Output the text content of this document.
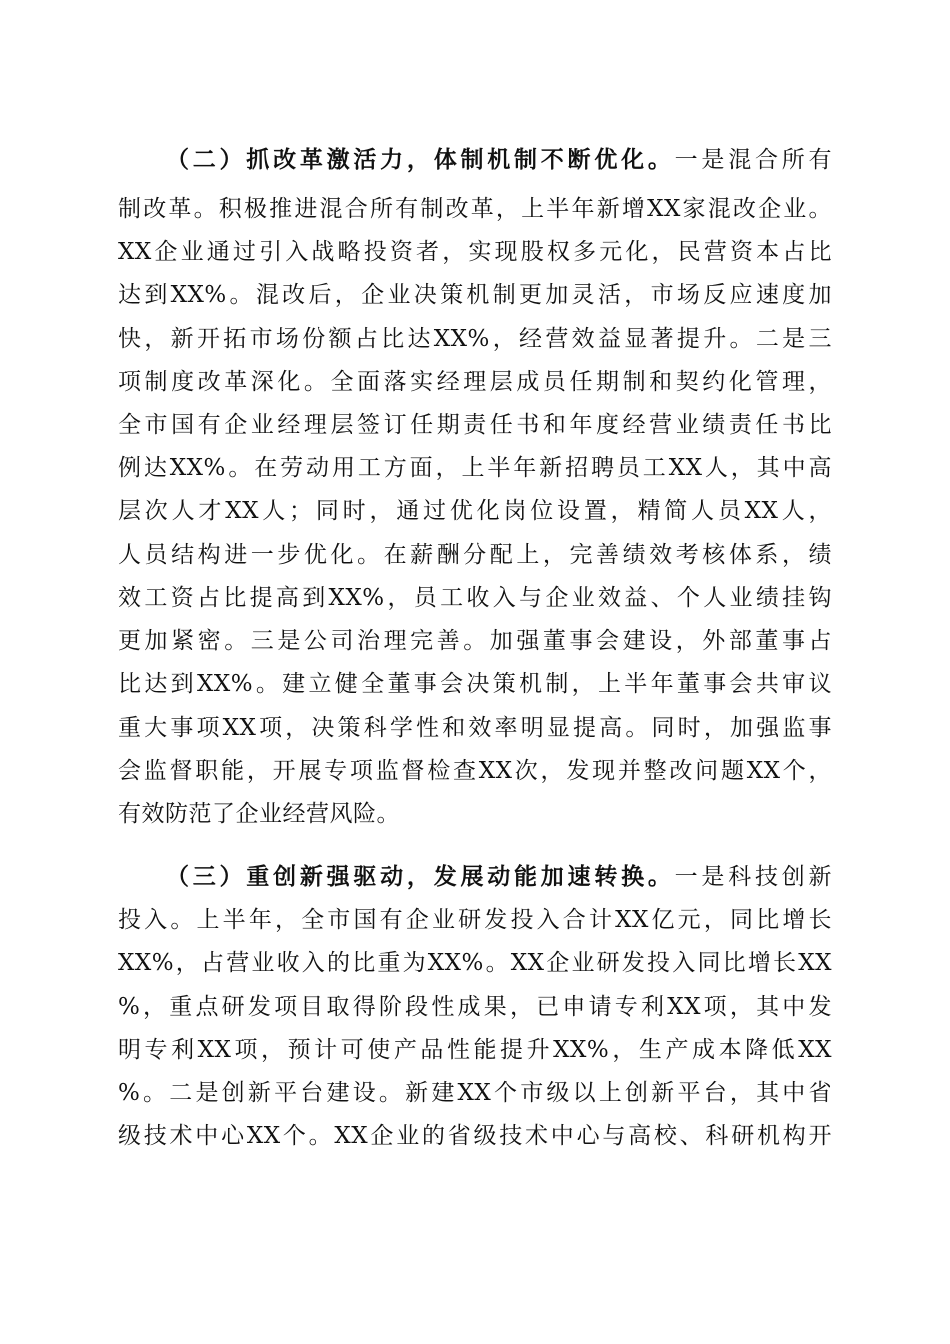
（二）抓改革激活力，体制机制不断优化。一是混合所有
制改革。积极推进混合所有制改革，上半年新增XX家混改企业。
XX企业通过引入战略投资者，实现股权多元化，民营资本占比
达到XX%。混改后，企业决策机制更加灵活，市场反应速度加
快，新开拓市场份额占比达XX%，经营效益显著提升。二是三
项制度改革深化。全面落实经理层成员任期制和契约化管理，
全市国有企业经理层签订任期责任书和年度经营业绩责任书比
例达XX%。在劳动用工方面，上半年新招聘员工XX人，其中高
层次人才XX人；同时，通过优化岗位设置，精简人员XX人，
人员结构进一步优化。在薪酬分配上，完善绩效考核体系，绩
效工资占比提高到XX%，员工收入与企业效益、个人业绩挂钩
更加紧密。三是公司治理完善。加强董事会建设，外部董事占
比达到XX%。建立健全董事会决策机制，上半年董事会共审议
重大事项XX项，决策科学性和效率明显提高。同时，加强监事
会监督职能，开展专项监督检查XX次，发现并整改问题XX个，
有效防范了企业经营风险。
（三）重创新强驱动，发展动能加速转换。一是科技创新
投入。上半年，全市国有企业研发投入合计XX亿元，同比增长
XX%，占营业收入的比重为XX%。XX企业研发投入同比增长XX
%，重点研发项目取得阶段性成果，已申请专利XX项，其中发
明专利XX项，预计可使产品性能提升XX%，生产成本降低XX
%。二是创新平台建设。新建XX个市级以上创新平台，其中省
级技术中心XX个。XX企业的省级技术中心与高校、科研机构开
